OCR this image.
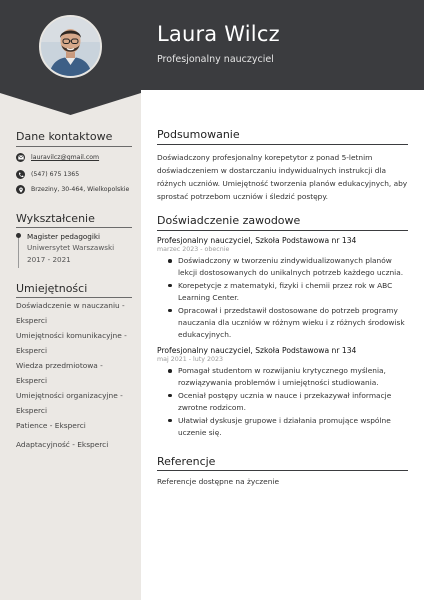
Laura Wilcz
Profesjonalny nauczyciel
Dane kontaktowe
lauravilcz@gmail.com
(547) 675 1365
Brzeziny, 30-464, Wielkopolskie
Wykształcenie
Magister pedagogiki
Uniwersytet Warszawski
2017 - 2021
Umiejętności
Doświadczenie w nauczaniu - Eksperci
Umiejętności komunikacyjne - Eksperci
Wiedza przedmiotowa - Eksperci
Umiejętności organizacyjne - Eksperci
Patience - Eksperci
Adaptacyjność - Eksperci
Podsumowanie
Doświadczony profesjonalny korepetytor z ponad 5-letnim doświadczeniem w dostarczaniu indywidualnych instrukcji dla różnych uczniów. Umiejętność tworzenia planów edukacyjnych, aby sprostać potrzebom uczniów i śledzić postępy.
Doświadczenie zawodowe
Profesjonalny nauczyciel, Szkoła Podstawowa nr 134
marzec 2023 - obecnie
Doświadczony w tworzeniu zindywidualizowanych planów lekcji dostosowanych do unikalnych potrzeb każdego ucznia.
Korepetycje z matematyki, fizyki i chemii przez rok w ABC Learning Center.
Opracował i przedstawił dostosowane do potrzeb programy nauczania dla uczniów w różnym wieku i z różnych środowisk edukacyjnych.
Profesjonalny nauczyciel, Szkoła Podstawowa nr 134
maj 2021 - luty 2023
Pomagał studentom w rozwijaniu krytycznego myślenia, rozwiązywania problemów i umiejętności studiowania.
Oceniał postępy ucznia w nauce i przekazywał informacje zwrotne rodzicom.
Ułatwiał dyskusje grupowe i działania promujące wspólne uczenie się.
Referencje
Referencje dostępne na życzenie
